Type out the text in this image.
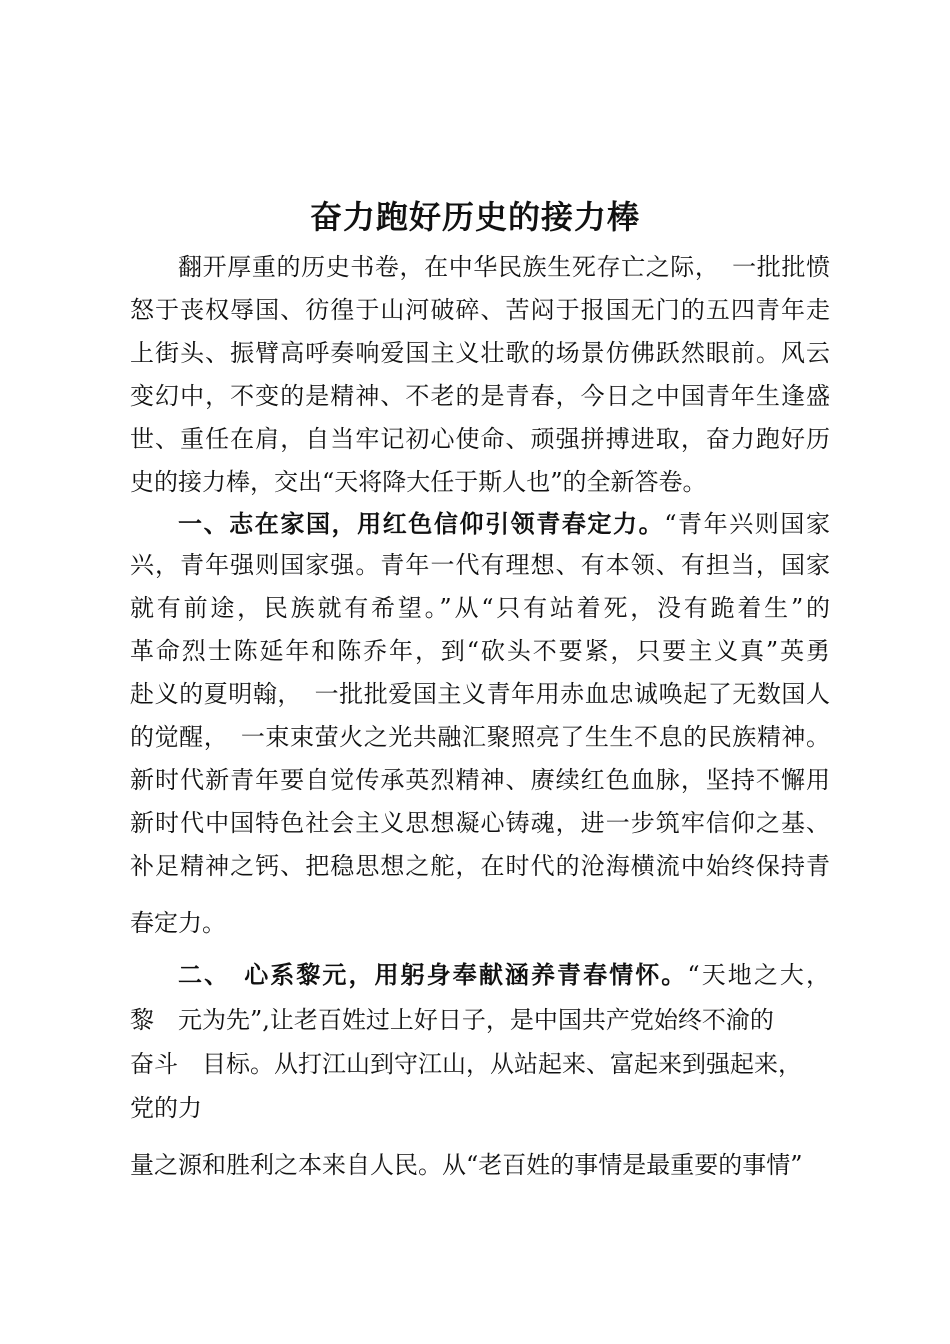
奋力跑好历史的接力棒

翻开厚重的历史书卷，在中华民族生死存亡之际，　一批批愤

怒于丧权辱国、彷徨于山河破碎、苦闷于报国无门的五四青年走

上街头、振臂高呼奏响爱国主义壮歌的场景仿佛跃然眼前。风云

变幻中，不变的是精神、不老的是青春，今日之中国青年生逢盛

世、重任在肩，自当牢记初心使命、顽强拼搏进取，奋力跑好历

史的接力棒，交出“天将降大任于斯人也”的全新答卷。

一、志在家国，用红色信仰引领青春定力。“青年兴则国家

兴，青年强则国家强。青年一代有理想、有本领、有担当，国家

就有前途，民族就有希望。”从“只有站着死，没有跪着生”的

革命烈士陈延年和陈乔年，到“砍头不要紧，只要主义真”英勇

赴义的夏明翰，　一批批爱国主义青年用赤血忠诚唤起了无数国人

的觉醒，　一束束萤火之光共融汇聚照亮了生生不息的民族精神。

新时代新青年要自觉传承英烈精神、赓续红色血脉，坚持不懈用

新时代中国特色社会主义思想凝心铸魂，进一步筑牢信仰之基、

补足精神之钙、把稳思想之舵，在时代的沧海横流中始终保持青

春定力。

二、　心系黎元，用躬身奉献涵养青春情怀。“天地之大，

黎　元为先”,让老百姓过上好日子，是中国共产党始终不渝的

奋斗　目标。从打江山到守江山，从站起来、富起来到强起来，

党的力

量之源和胜利之本来自人民。从“老百姓的事情是最重要的事情”
